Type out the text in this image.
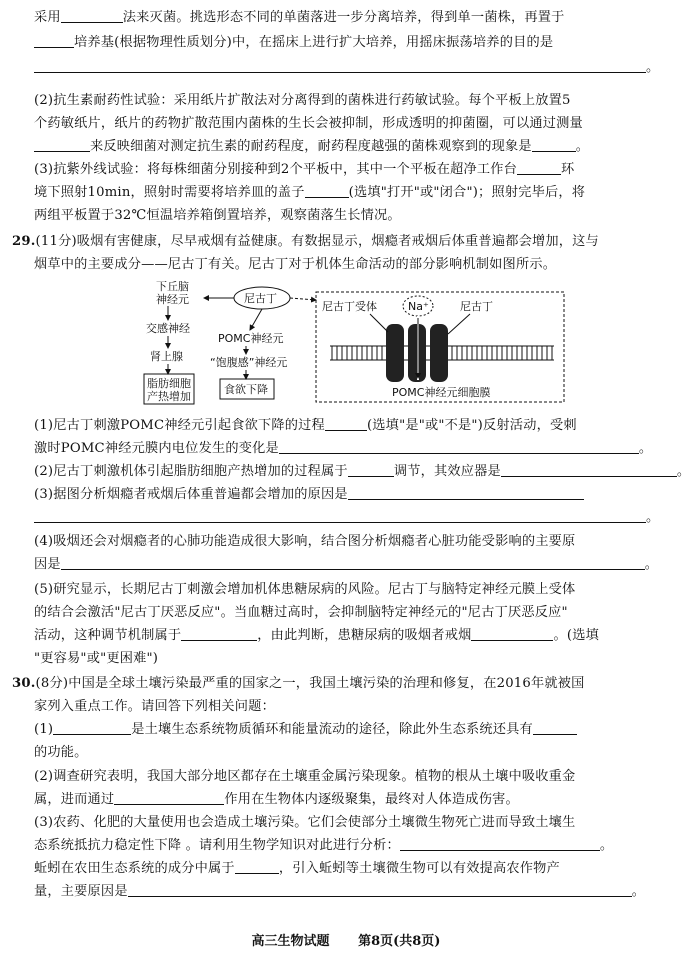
采用	法来灭菌。挑选形态不同的单菌落进一步分离培养，得到单一菌株，再置于
培养基(根据物理性质划分)中，在摇床上进行扩大培养，用摇床振荡培养的目的是
。
(2)抗生素耐药性试验：采用纸片扩散法对分离得到的菌株进行药敏试验。每个平板上放置5
个药敏纸片，纸片的药物扩散范围内菌株的生长会被抑制，形成透明的抑菌圈，可以通过测量
来反映细菌对测定抗生素的耐药程度，耐药程度越强的菌株观察到的现象是	。
(3)抗紫外线试验：将每株细菌分别接种到2个平板中，其中一个平板在超净工作台	环
境下照射10min，照射时需要将培养皿的盖子	(选填"打开"或"闭合")；照射完毕后，将
两组平板置于32℃恒温培养箱倒置培养，观察菌落生长情况。
29.(11分)吸烟有害健康，尽早戒烟有益健康。有数据显示，烟瘾者戒烟后体重普遍都会增加，这与
烟草中的主要成分——尼古丁有关。尼古丁对于机体生命活动的部分影响机制如图所示。
下丘脑
神经元	尼古丁
交感神经
肾上腺
脂肪细胞
产热增加
POMC神经元
“饱腹感”神经元
食欲下降
尼古丁受体	Na⁺	尼古丁
POMC神经元细胞膜
(1)尼古丁刺激POMC神经元引起食欲下降的过程	(选填"是"或"不是")反射活动，受刺
激时POMC神经元膜内电位发生的变化是	。
(2)尼古丁刺激机体引起脂肪细胞产热增加的过程属于	调节，其效应器是	。
(3)据图分析烟瘾者戒烟后体重普遍都会增加的原因是
。
(4)吸烟还会对烟瘾者的心肺功能造成很大影响，结合图分析烟瘾者心脏功能受影响的主要原
因是	。
(5)研究显示，长期尼古丁刺激会增加机体患糖尿病的风险。尼古丁与脑特定神经元膜上受体
的结合会激活"尼古丁厌恶反应"。当血糖过高时，会抑制脑特定神经元的"尼古丁厌恶反应"
活动，这种调节机制属于	，由此判断，患糖尿病的吸烟者戒烟	。(选填
"更容易"或"更困难")
30.(8分)中国是全球土壤污染最严重的国家之一，我国土壤污染的治理和修复，在2016年就被国
家列入重点工作。请回答下列相关问题：
(1)	是土壤生态系统物质循环和能量流动的途径，除此外生态系统还具有
的功能。
(2)调查研究表明，我国大部分地区都存在土壤重金属污染现象。植物的根从土壤中吸收重金
属，进而通过	作用在生物体内逐级聚集，最终对人体造成伤害。
(3)农药、化肥的大量使用也会造成土壤污染。它们会使部分土壤微生物死亡进而导致土壤生
态系统抵抗力稳定性下降 。请利用生物学知识对此进行分析：	。
蚯蚓在农田生态系统的成分中属于	，引入蚯蚓等土壤微生物可以有效提高农作物产
量，主要原因是	。
高三生物试题 第8页(共8页)
